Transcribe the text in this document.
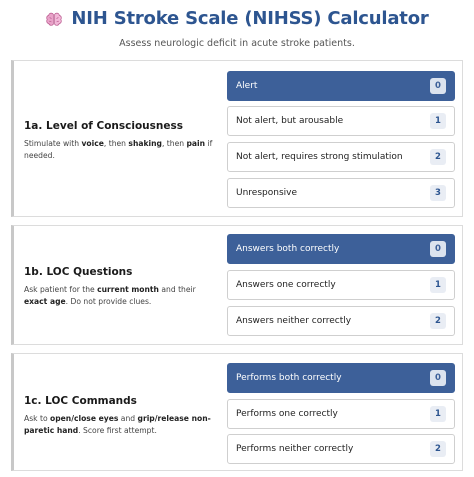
NIH Stroke Scale (NIHSS) Calculator
Assess neurologic deficit in acute stroke patients.
1a. Level of Consciousness
Stimulate with voice, then shaking, then pain if needed.
Alert	0
Not alert, but arousable	1
Not alert, requires strong stimulation	2
Unresponsive	3
1b. LOC Questions
Ask patient for the current month and their exact age. Do not provide clues.
Answers both correctly	0
Answers one correctly	1
Answers neither correctly	2
1c. LOC Commands
Ask to open/close eyes and grip/release non-paretic hand. Score first attempt.
Performs both correctly	0
Performs one correctly	1
Performs neither correctly	2
